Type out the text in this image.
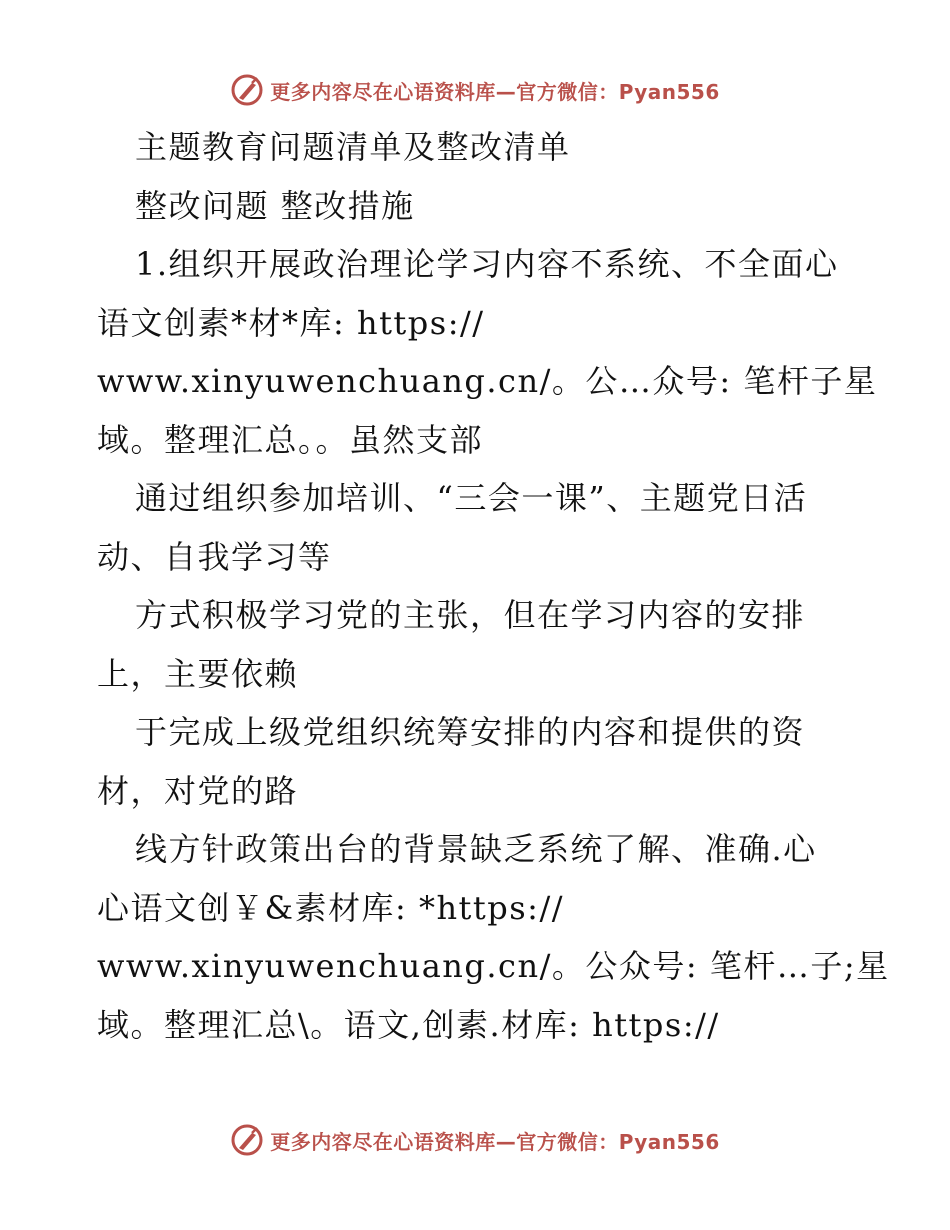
更多内容尽在心语资料库—官方微信：Pyan556
主题教育问题清单及整改清单
整改问题 整改措施
1.组织开展政治理论学习内容不系统、不全面心
语文创素*材*库: https://
www.xinyuwenchuang.cn/。公…众号: 笔杆子星
域。整理汇总。。虽然支部
通过组织参加培训、“三会一课”、主题党日活
动、自我学习等
方式积极学习党的主张，但在学习内容的安排
上，主要依赖
于完成上级党组织统筹安排的内容和提供的资
材，对党的路
线方针政策出台的背景缺乏系统了解、准确.心
心语文创￥&素材库: *https://
www.xinyuwenchuang.cn/。公众号: 笔杆…子;星
域。整理汇总\。语文,创素.材库: https://
更多内容尽在心语资料库—官方微信：Pyan556
